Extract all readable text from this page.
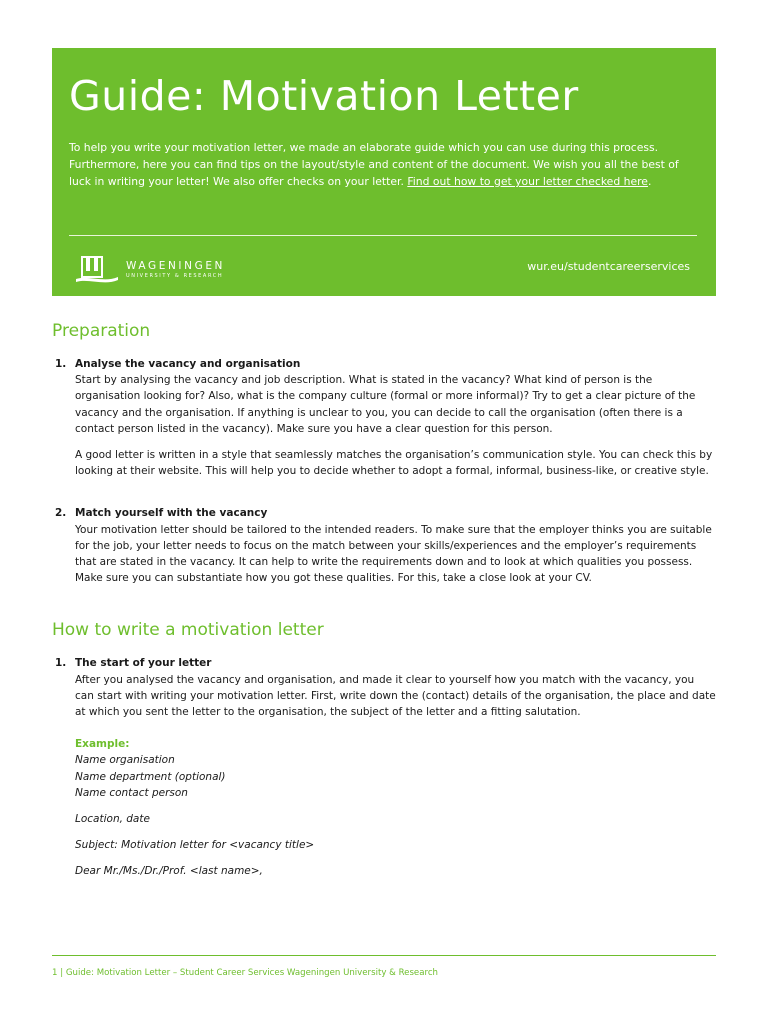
Guide: Motivation Letter
To help you write your motivation letter, we made an elaborate guide which you can use during this process. Furthermore, here you can find tips on the layout/style and content of the document. We wish you all the best of luck in writing your letter! We also offer checks on your letter. Find out how to get your letter checked here.
WAGENINGEN
UNIVERSITY & RESEARCH
wur.eu/studentcareerservices
Preparation
1. Analyse the vacancy and organisation

Start by analysing the vacancy and job description. What is stated in the vacancy? What kind of person is the organisation looking for? Also, what is the company culture (formal or more informal)? Try to get a clear picture of the vacancy and the organisation. If anything is unclear to you, you can decide to call the organisation (often there is a contact person listed in the vacancy). Make sure you have a clear question for this person.

A good letter is written in a style that seamlessly matches the organisation’s communication style. You can check this by looking at their website. This will help you to decide whether to adopt a formal, informal, business-like, or creative style.

2. Match yourself with the vacancy

Your motivation letter should be tailored to the intended readers. To make sure that the employer thinks you are suitable for the job, your letter needs to focus on the match between your skills/experiences and the employer’s requirements that are stated in the vacancy. It can help to write the requirements down and to look at which qualities you possess. Make sure you can substantiate how you got these qualities. For this, take a close look at your CV.

How to write a motivation letter
1. The start of your letter

After you analysed the vacancy and organisation, and made it clear to yourself how you match with the vacancy, you can start with writing your motivation letter. First, write down the (contact) details of the organisation, the place and date at which you sent the letter to the organisation, the subject of the letter and a fitting salutation.

Example:
Name organisation
Name department (optional)
Name contact person
Location, date
Subject: Motivation letter for <vacancy title>
Dear Mr./Ms./Dr./Prof. <last name>,
1 | Guide: Motivation Letter – Student Career Services Wageningen University & Research
